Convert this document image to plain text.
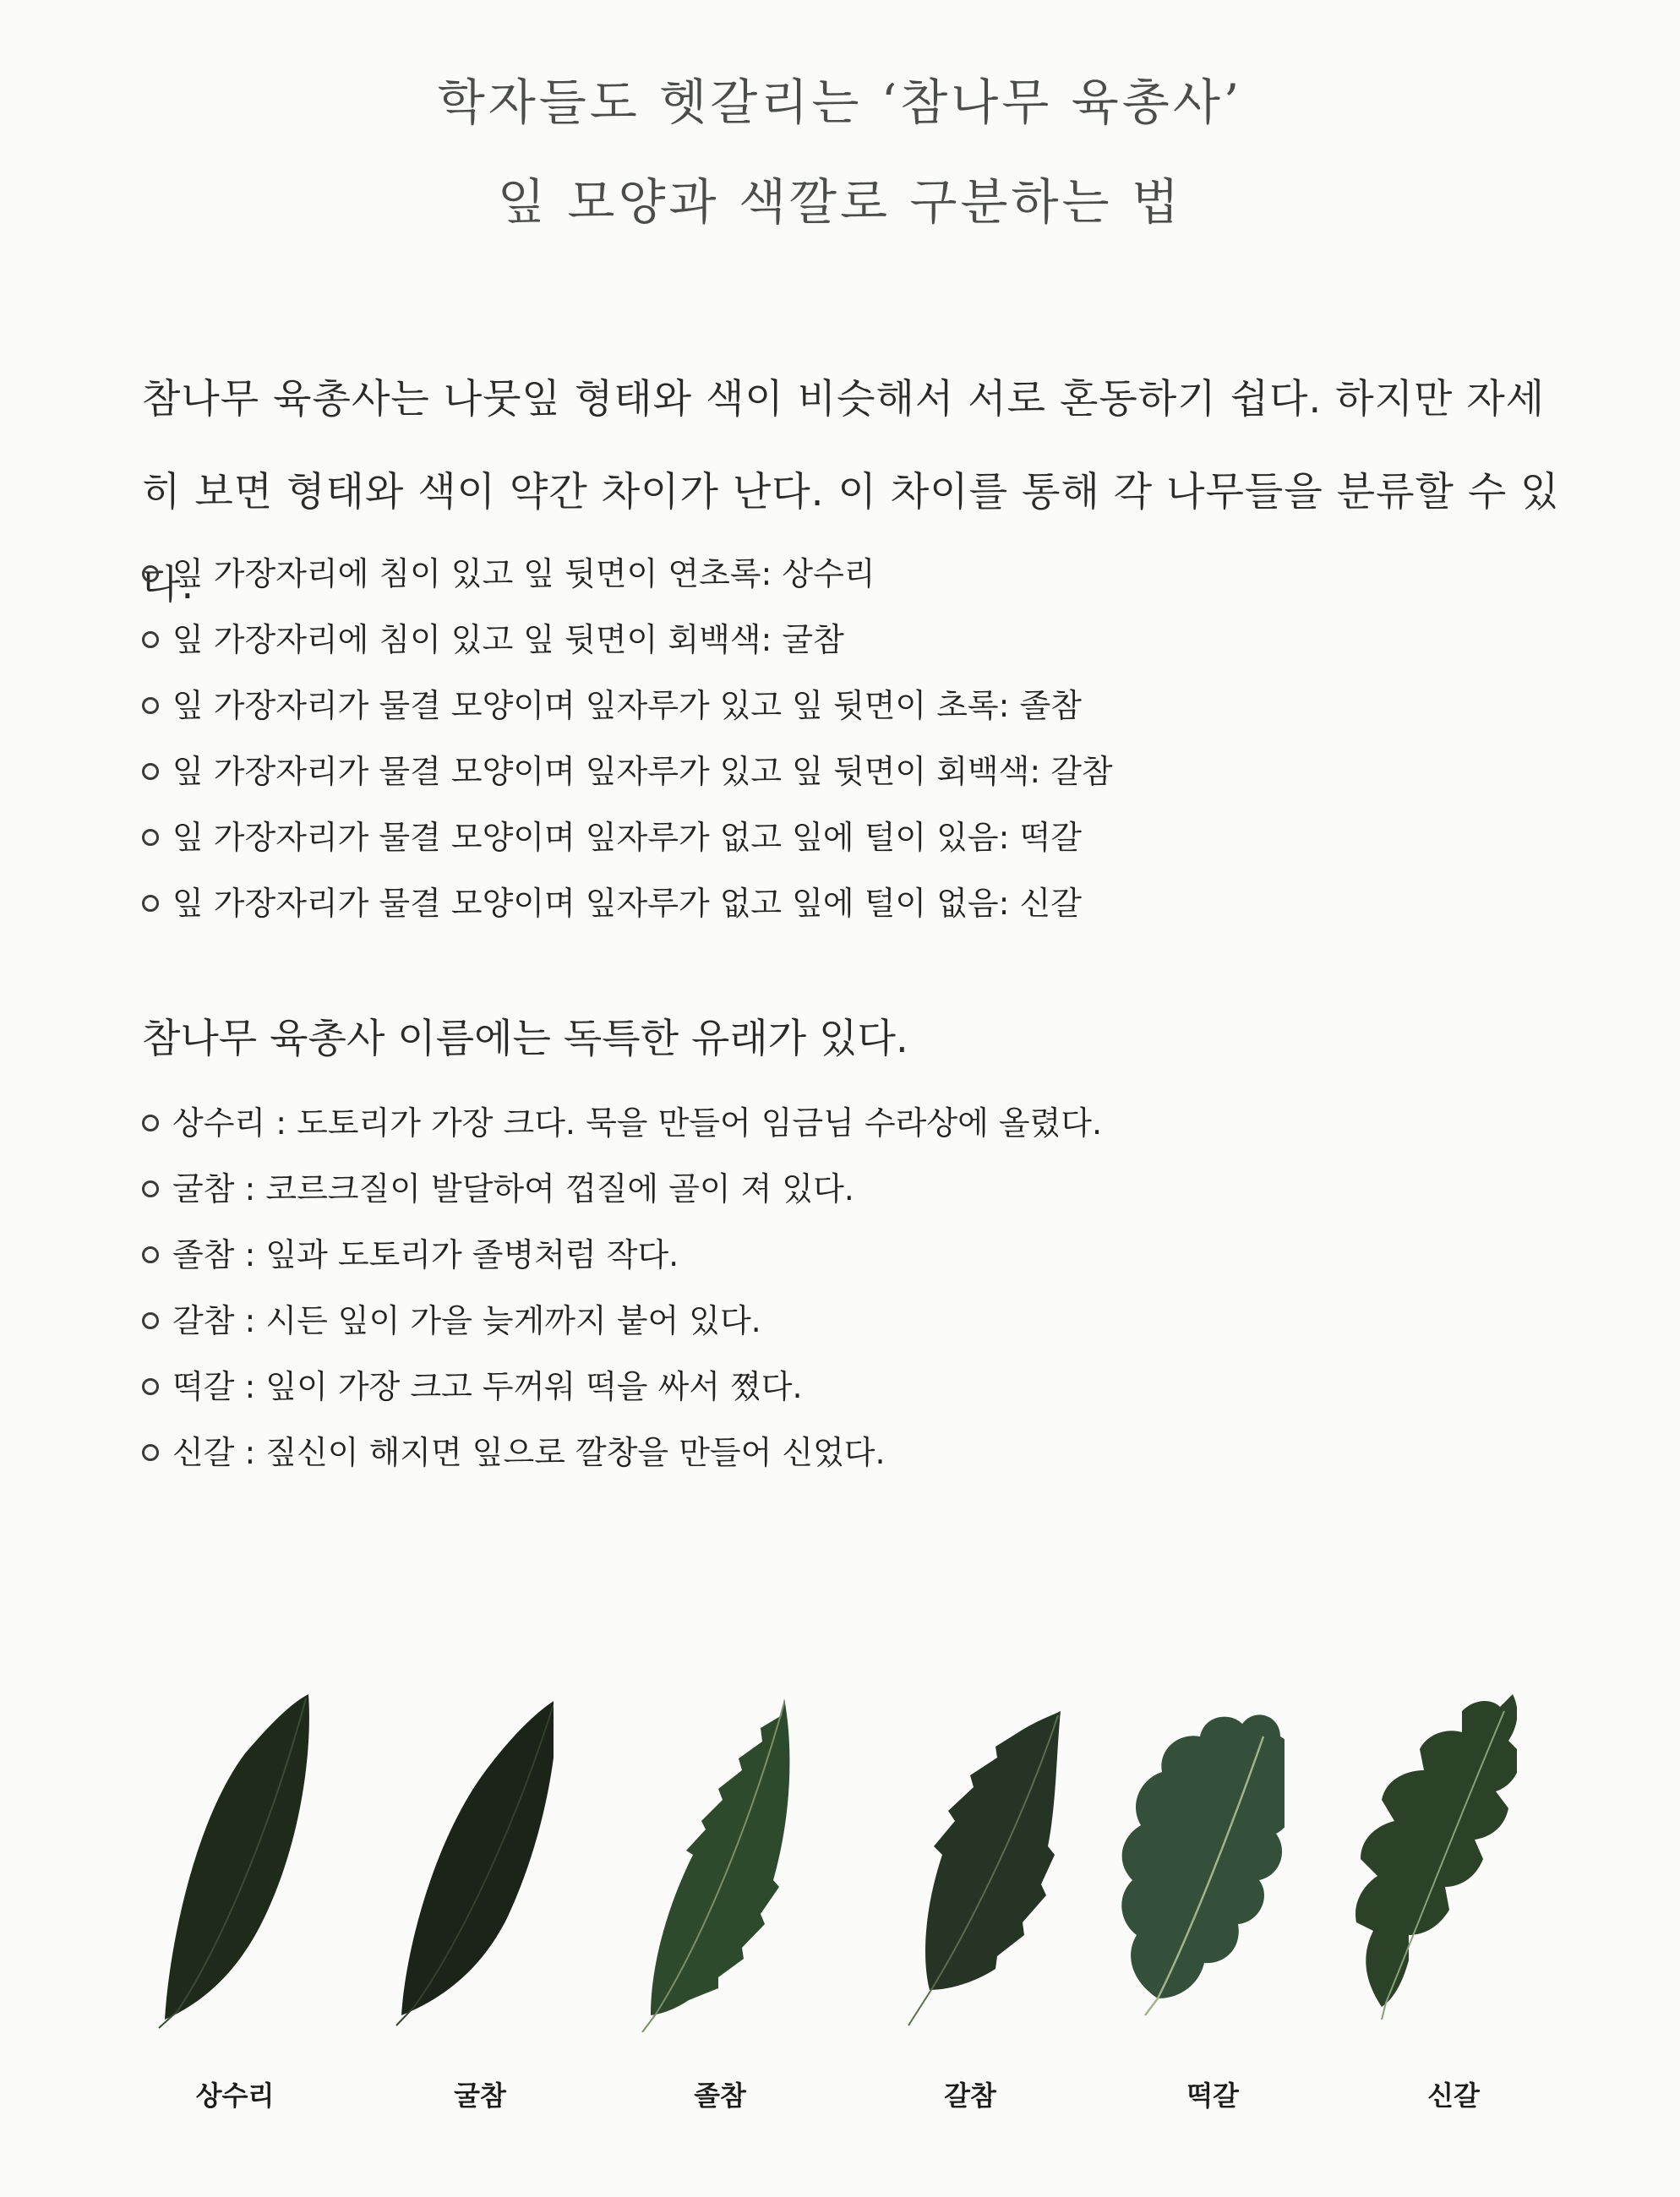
학자들도 헷갈리는 ‘참나무 육총사’
잎 모양과 색깔로 구분하는 법
참나무 육총사는 나뭇잎 형태와 색이 비슷해서 서로 혼동하기 쉽다. 하지만 자세히 보면 형태와 색이 약간 차이가 난다. 이 차이를 통해 각 나무들을 분류할 수 있다.
잎 가장자리에 침이 있고 잎 뒷면이 연초록: 상수리
잎 가장자리에 침이 있고 잎 뒷면이 회백색: 굴참
잎 가장자리가 물결 모양이며 잎자루가 있고 잎 뒷면이 초록: 졸참
잎 가장자리가 물결 모양이며 잎자루가 있고 잎 뒷면이 회백색: 갈참
잎 가장자리가 물결 모양이며 잎자루가 없고 잎에 털이 있음: 떡갈
잎 가장자리가 물결 모양이며 잎자루가 없고 잎에 털이 없음: 신갈
참나무 육총사 이름에는 독특한 유래가 있다.
상수리 : 도토리가 가장 크다. 묵을 만들어 임금님 수라상에 올렸다.
굴참 : 코르크질이 발달하여 껍질에 골이 져 있다.
졸참 : 잎과 도토리가 졸병처럼 작다.
갈참 : 시든 잎이 가을 늦게까지 붙어 있다.
떡갈 : 잎이 가장 크고 두꺼워 떡을 싸서 쪘다.
신갈 : 짚신이 해지면 잎으로 깔창을 만들어 신었다.
상수리	굴참	졸참	갈참	떡갈	신갈
